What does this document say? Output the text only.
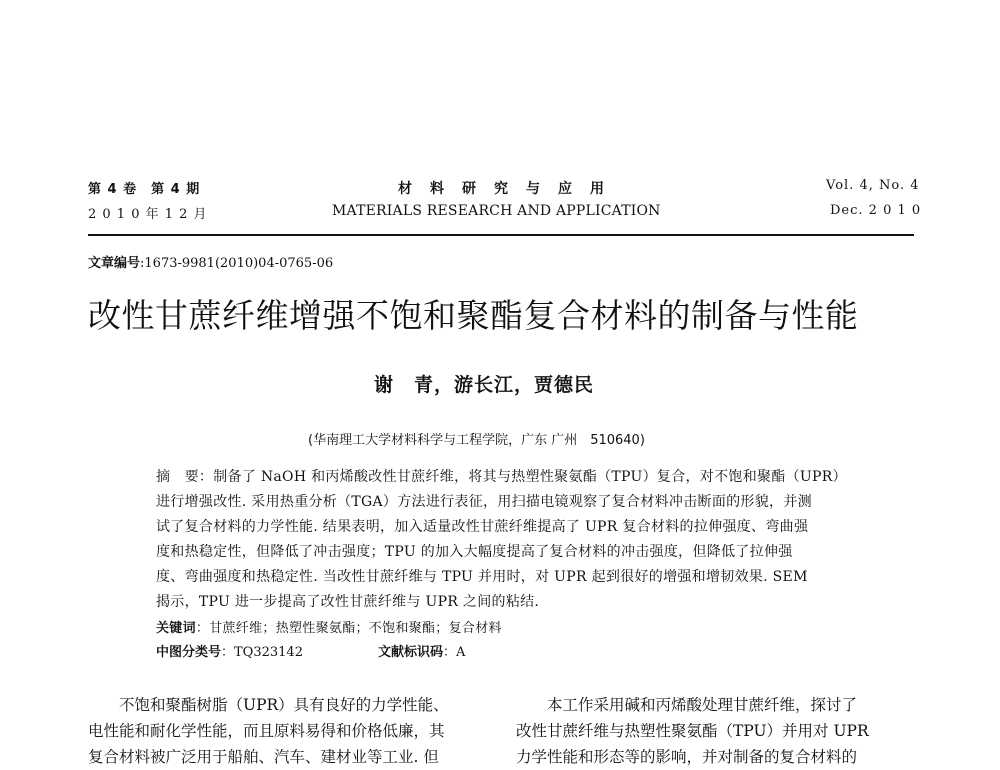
第 4 卷　第 4 期
2 0 1 0 年 1 2 月
材　料　研　究　与　应　用
MATERIALS RESEARCH AND APPLICATION
Vol. 4, No. 4
Dec. 2 0 1 0
文章编号:1673-9981(2010)04-0765-06
改性甘蔗纤维增强不饱和聚酯复合材料的制备与性能
谢　青，游长江，贾德民
(华南理工大学材料科学与工程学院，广东 广州　510640)
摘　要：制备了 NaOH 和丙烯酸改性甘蔗纤维，将其与热塑性聚氨酯（TPU）复合，对不饱和聚酯（UPR）
进行增强改性. 采用热重分析（TGA）方法进行表征，用扫描电镜观察了复合材料冲击断面的形貌，并测
试了复合材料的力学性能. 结果表明，加入适量改性甘蔗纤维提高了 UPR 复合材料的拉伸强度、弯曲强
度和热稳定性，但降低了冲击强度；TPU 的加入大幅度提高了复合材料的冲击强度，但降低了拉伸强
度、弯曲强度和热稳定性. 当改性甘蔗纤维与 TPU 并用时，对 UPR 起到很好的增强和增韧效果. SEM
揭示，TPU 进一步提高了改性甘蔗纤维与 UPR 之间的粘结.
关键词：甘蔗纤维；热塑性聚氨酯；不饱和聚酯；复合材料
中图分类号：TQ323142	文献标识码：A
　　不饱和聚酯树脂（UPR）具有良好的力学性能、
电性能和耐化学性能，而且原料易得和价格低廉，其
复合材料被广泛用于船舶、汽车、建材业等工业. 但
　　本工作采用碱和丙烯酸处理甘蔗纤维，探讨了
改性甘蔗纤维与热塑性聚氨酯（TPU）并用对 UPR
力学性能和形态等的影响，并对制备的复合材料的
